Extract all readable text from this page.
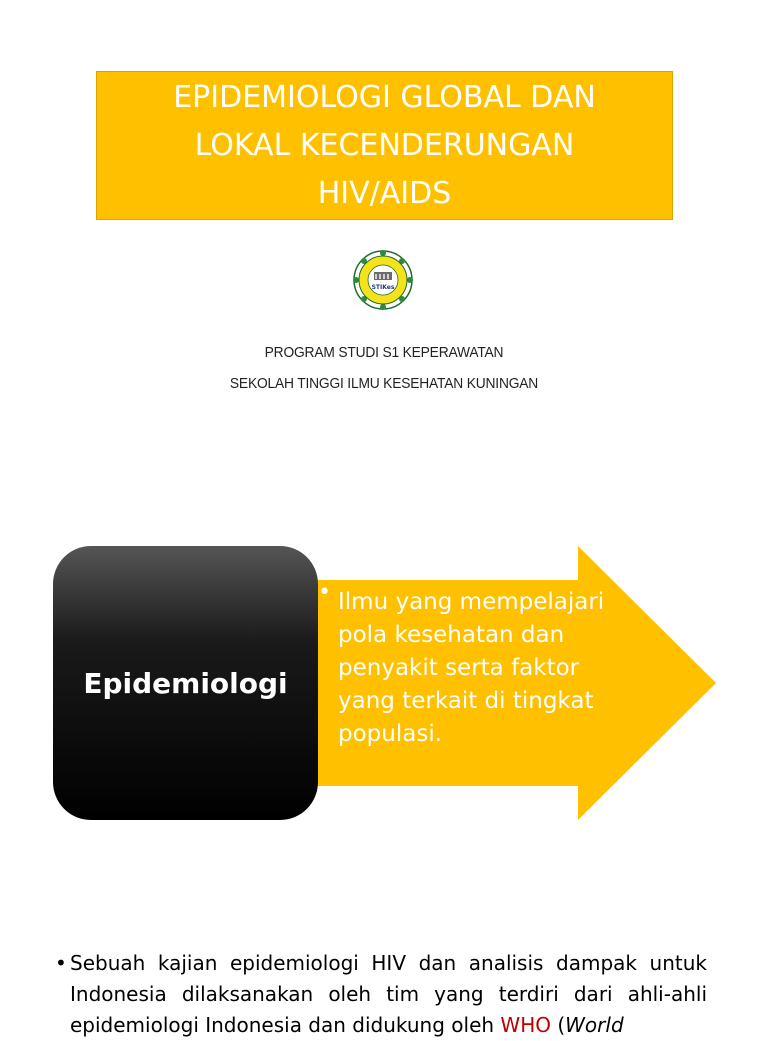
EPIDEMIOLOGI GLOBAL DAN LOKAL KECENDERUNGAN HIV/AIDS
STIKes
PROGRAM STUDI S1 KEPERAWATAN
SEKOLAH TINGGI ILMU KESEHATAN KUNINGAN
Epidemiologi
• Ilmu yang mempelajari pola kesehatan dan penyakit serta faktor yang terkait di tingkat populasi.
• Sebuah kajian epidemiologi HIV dan analisis dampak untuk Indonesia dilaksanakan oleh tim yang terdiri dari ahli-ahli epidemiologi Indonesia dan didukung oleh WHO (World
